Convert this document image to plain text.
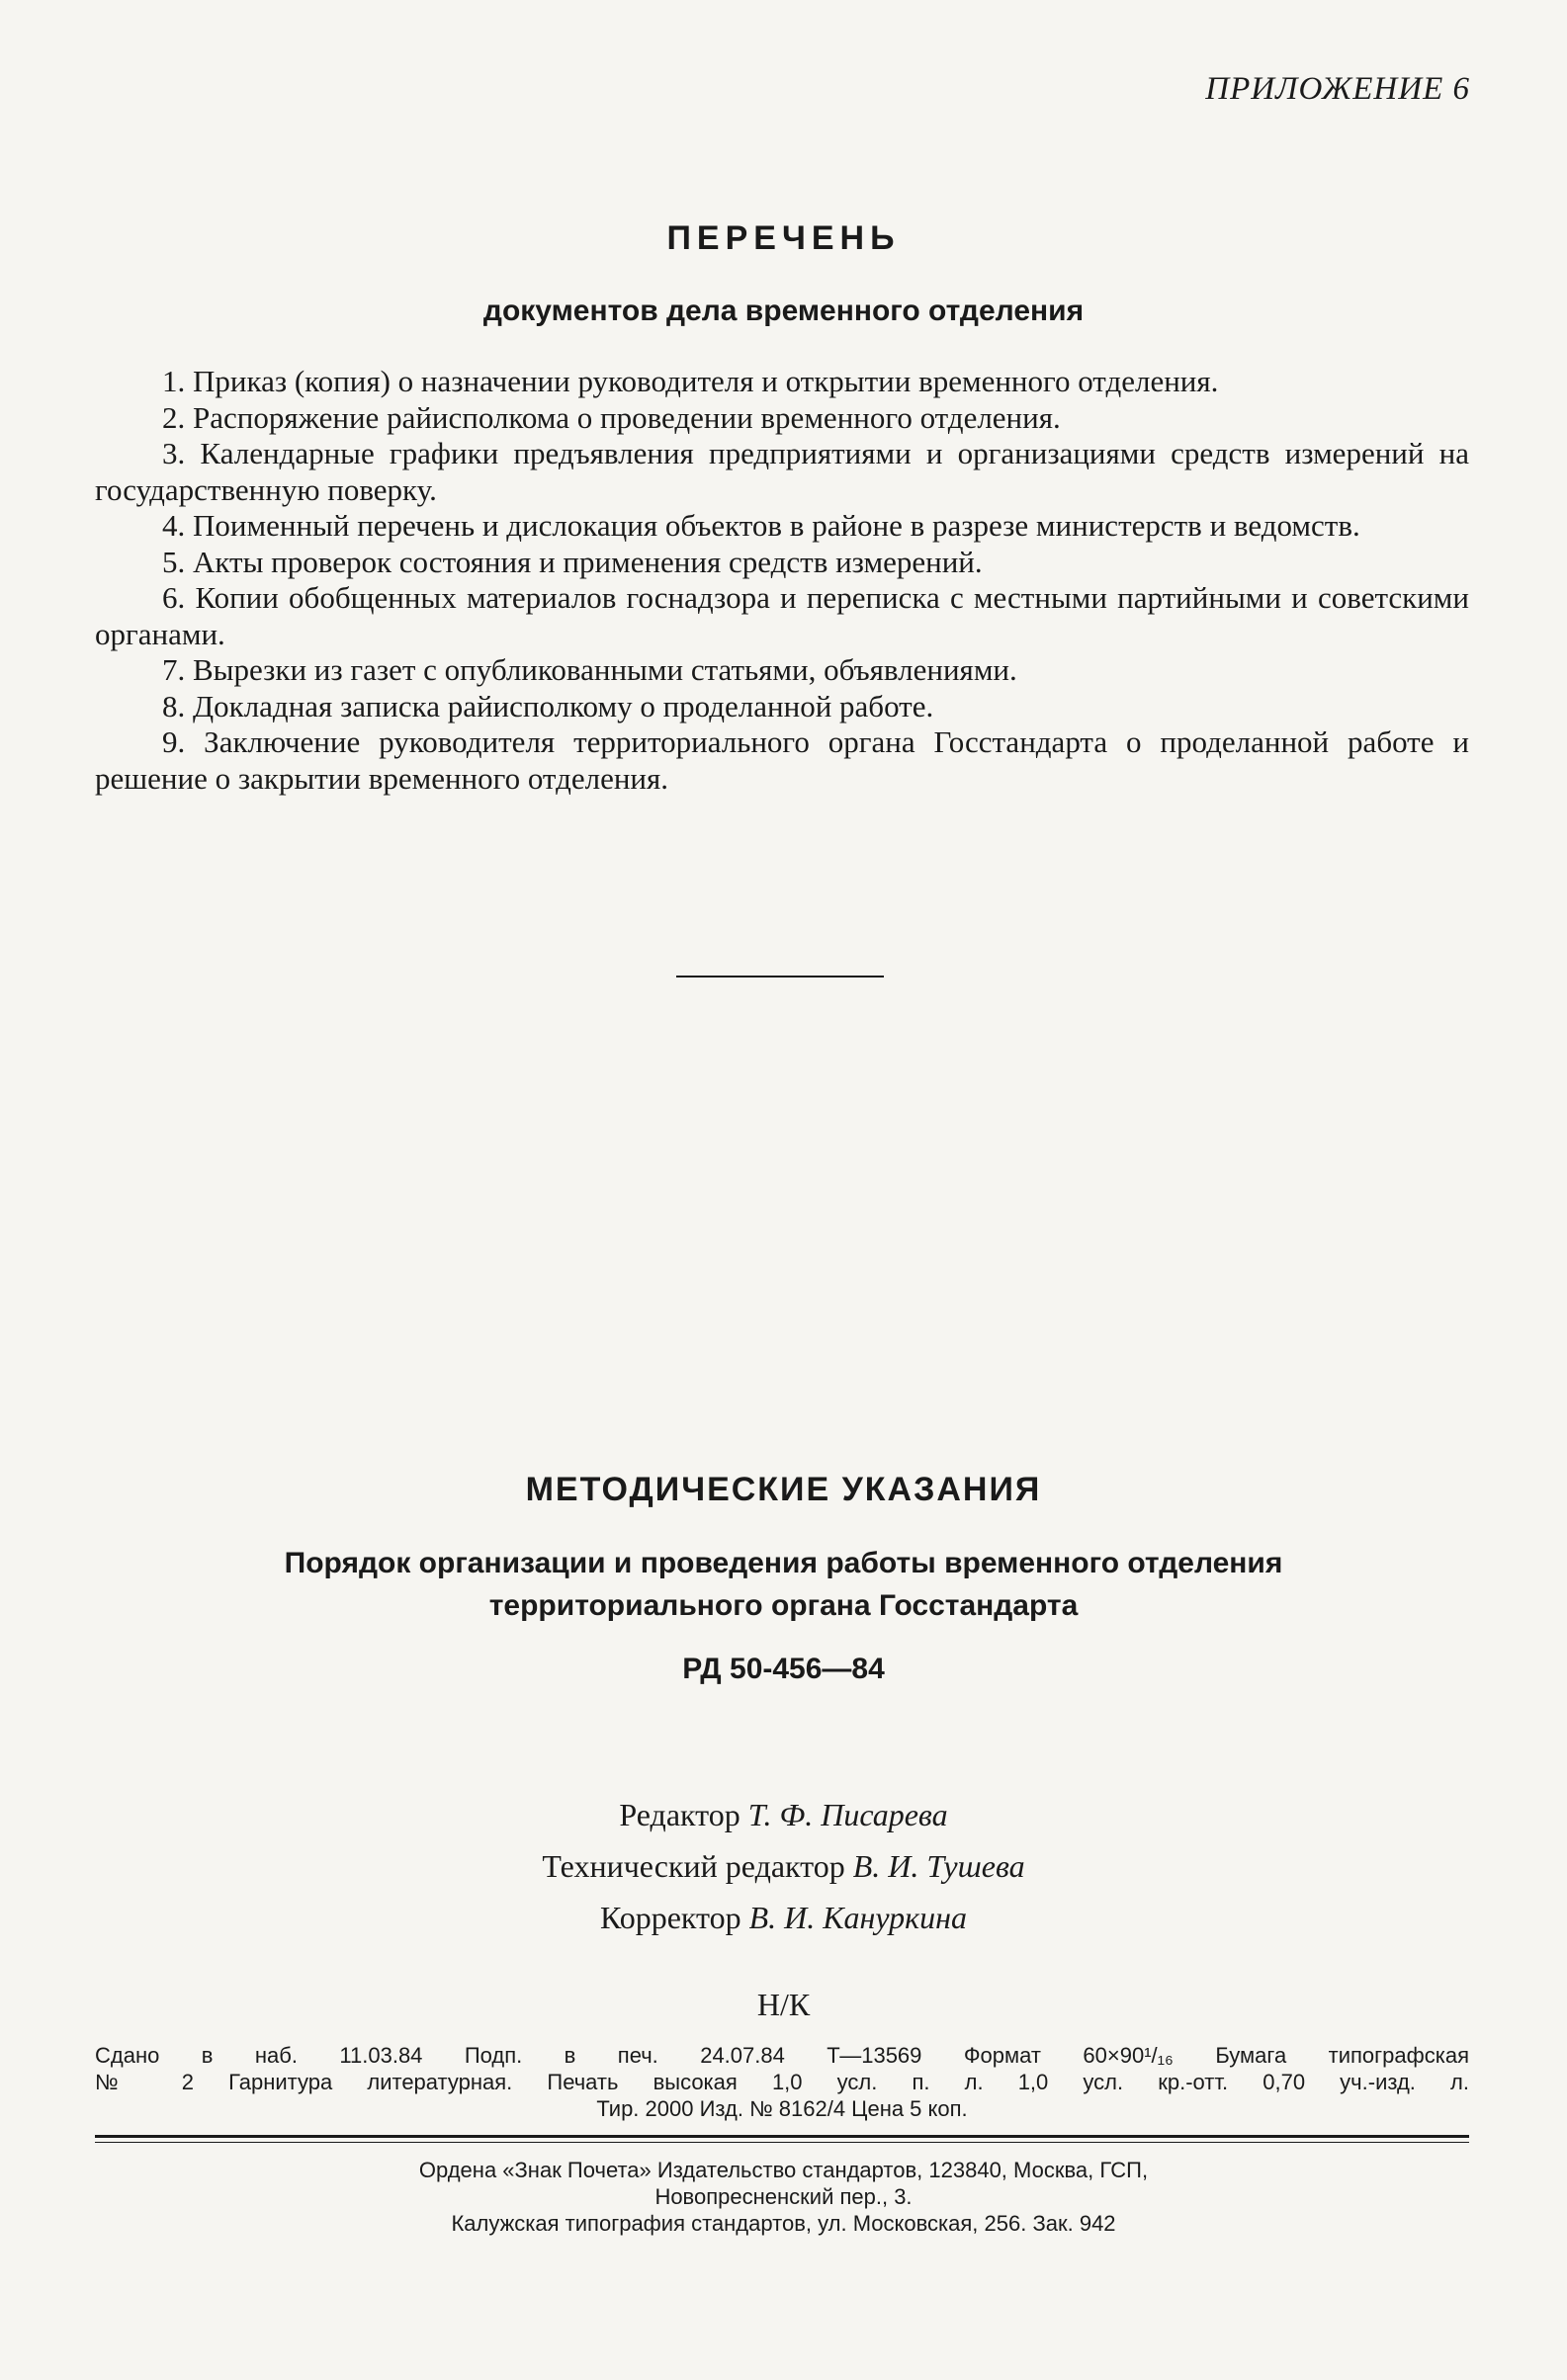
ПРИЛОЖЕНИЕ 6
ПЕРЕЧЕНЬ
документов дела временного отделения
1. Приказ (копия) о назначении руководителя и открытии временного отделения.
2. Распоряжение райисполкома о проведении временного отделения.
3. Календарные графики предъявления предприятиями и организациями средств измерений на государственную поверку.
4. Поименный перечень и дислокация объектов в районе в разрезе министерств и ведомств.
5. Акты проверок состояния и применения средств измерений.
6. Копии обобщенных материалов госнадзора и переписка с местными партийными и советскими органами.
7. Вырезки из газет с опубликованными статьями, объявлениями.
8. Докладная записка райисполкому о проделанной работе.
9. Заключение руководителя территориального органа Госстандарта о проделанной работе и решение о закрытии временного отделения.
МЕТОДИЧЕСКИЕ УКАЗАНИЯ
Порядок организации и проведения работы временного отделения
территориального органа Госстандарта
РД 50-456—84
Редактор Т. Ф. Писарева
Технический редактор В. И. Тушева
Корректор В. И. Кануркина
Н/К
Сдано в наб. 11.03.84 Подп. в печ. 24.07.84 Т—13569 Формат 60×90¹/₁₆ Бумага типографская
№ 2 Гарнитура литературная. Печать высокая 1,0 усл. п. л. 1,0 усл. кр.-отт. 0,70 уч.-изд. л.
Тир. 2000 Изд. № 8162/4 Цена 5 коп.
Ордена «Знак Почета» Издательство стандартов, 123840, Москва, ГСП,
Новопресненский пер., 3.
Калужская типография стандартов, ул. Московская, 256. Зак. 942
